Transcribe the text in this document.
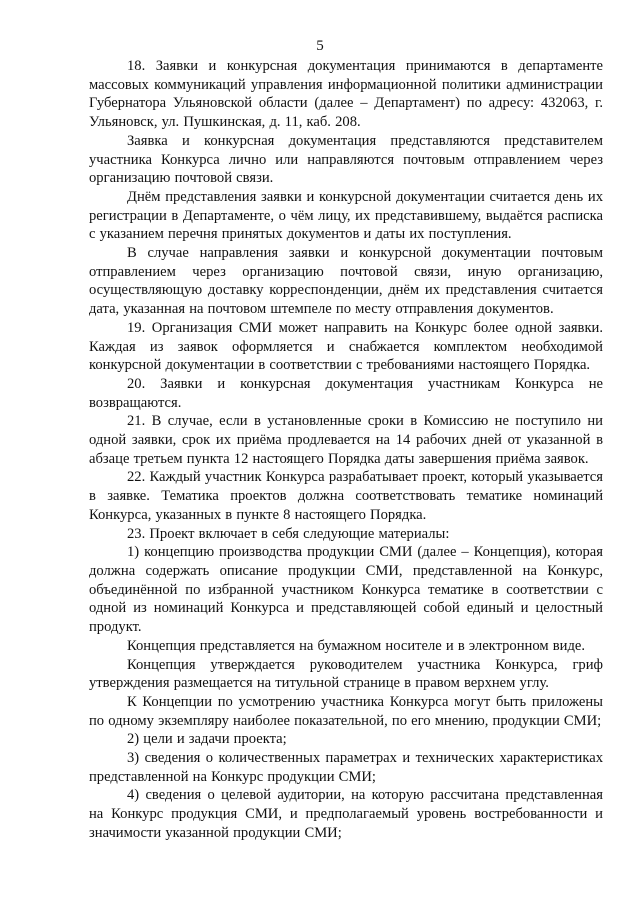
5

18. Заявки и конкурсная документация принимаются в департаменте массовых коммуникаций управления информационной политики администрации Губернатора Ульяновской области (далее – Департамент) по адресу: 432063, г. Ульяновск, ул. Пушкинская, д. 11, каб. 208.

Заявка и конкурсная документация представляются представителем участника Конкурса лично или направляются почтовым отправлением через организацию почтовой связи.

Днём представления заявки и конкурсной документации считается день их регистрации в Департаменте, о чём лицу, их представившему, выдаётся расписка с указанием перечня принятых документов и даты их поступления.

В случае направления заявки и конкурсной документации почтовым отправлением через организацию почтовой связи, иную организацию, осуществляющую доставку корреспонденции, днём их представления считается дата, указанная на почтовом штемпеле по месту отправления документов.

19. Организация СМИ может направить на Конкурс более одной заявки. Каждая из заявок оформляется и снабжается комплектом необходимой конкурсной документации в соответствии с требованиями настоящего Порядка.

20. Заявки и конкурсная документация участникам Конкурса не возвращаются.

21. В случае, если в установленные сроки в Комиссию не поступило ни одной заявки, срок их приёма продлевается на 14 рабочих дней от указанной в абзаце третьем пункта 12 настоящего Порядка даты завершения приёма заявок.

22. Каждый участник Конкурса разрабатывает проект, который указывается в заявке. Тематика проектов должна соответствовать тематике номинаций Конкурса, указанных в пункте 8 настоящего Порядка.

23. Проект включает в себя следующие материалы:

1) концепцию производства продукции СМИ (далее – Концепция), которая должна содержать описание продукции СМИ, представленной на Конкурс, объединённой по избранной участником Конкурса тематике в соответствии с одной из номинаций Конкурса и представляющей собой единый и целостный продукт.

Концепция представляется на бумажном носителе и в электронном виде.

Концепция утверждается руководителем участника Конкурса, гриф утверждения размещается на титульной странице в правом верхнем углу.

К Концепции по усмотрению участника Конкурса могут быть приложены по одному экземпляру наиболее показательной, по его мнению, продукции СМИ;

2) цели и задачи проекта;

3) сведения о количественных параметрах и технических характеристиках представленной на Конкурс продукции СМИ;

4) сведения о целевой аудитории, на которую рассчитана представленная на Конкурс продукция СМИ, и предполагаемый уровень востребованности и значимости указанной продукции СМИ;
